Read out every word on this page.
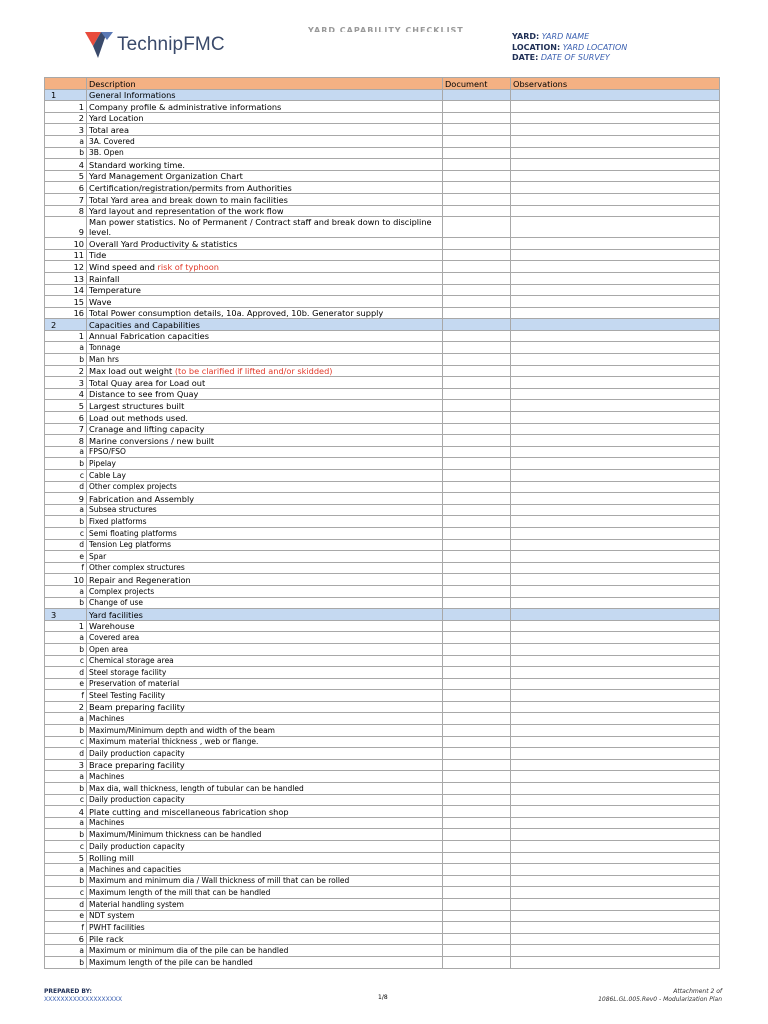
TechnipFMC
YARD CAPABILITY CHECKLIST
YARD: YARD NAME
LOCATION: YARD LOCATION
DATE: DATE OF SURVEY
	Description	Document	Observations
1	General Informations		
1	Company profile & administrative informations		
2	Yard Location		
3	Total area		
a	3A. Covered		
b	3B. Open		
4	Standard working time.		
5	Yard Management Organization Chart		
6	Certification/registration/permits from Authorities		
7	Total Yard area and break down to main facilities		
8	Yard layout and representation of the work flow		
9	Man power statistics. No of Permanent / Contract staff and break down to discipline level.		
10	Overall Yard Productivity & statistics		
11	Tide		
12	Wind speed and risk of typhoon		
13	Rainfall		
14	Temperature		
15	Wave		
16	Total Power consumption details, 10a. Approved, 10b. Generator supply		
2	Capacities and Capabilities		
1	Annual Fabrication capacities		
a	Tonnage		
b	Man hrs		
2	Max load out weight (to be clarified if lifted and/or skidded)		
3	Total Quay area for Load out		
4	Distance to see from Quay		
5	Largest structures built		
6	Load out methods used.		
7	Cranage and lifting capacity		
8	Marine conversions / new built		
a	FPSO/FSO		
b	Pipelay		
c	Cable Lay		
d	Other complex projects		
9	Fabrication and Assembly		
a	Subsea structures		
b	Fixed platforms		
c	Semi floating platforms		
d	Tension Leg platforms		
e	Spar		
f	Other complex structures		
10	Repair and Regeneration		
a	Complex projects		
b	Change of use		
3	Yard facilities		
1	Warehouse		
a	Covered area		
b	Open area		
c	Chemical storage area		
d	Steel storage facility		
e	Preservation of material		
f	Steel Testing Facility		
2	Beam preparing facility		
a	Machines		
b	Maximum/Minimum depth and width of the beam		
c	Maximum material thickness , web or flange.		
d	Daily production capacity		
3	Brace preparing facility		
a	Machines		
b	Max dia, wall thickness, length of tubular can be handled		
c	Daily production capacity		
4	Plate cutting and miscellaneous fabrication shop		
a	Machines		
b	Maximum/Minimum thickness can be handled		
c	Daily production capacity		
5	Rolling mill		
a	Machines and capacities		
b	Maximum and minimum dia / Wall thickness of mill that can be rolled		
c	Maximum length of the mill that can be handled		
d	Material handling system		
e	NDT system		
f	PWHT facilities		
6	Pile rack		
a	Maximum or minimum dia of the pile can be handled		
b	Maximum length of the pile can be handled		
PREPARED BY:
XXXXXXXXXXXXXXXXXXX	1/8
Attachment 2 of
1086L.GL.005.Rev0 - Modularization Plan
